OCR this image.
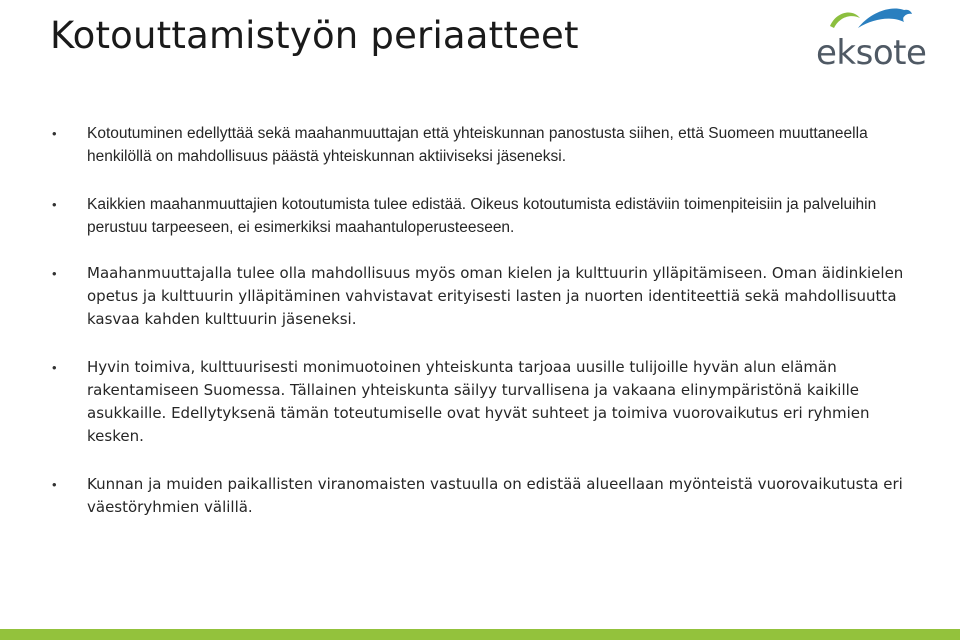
Kotouttamistyön periaatteet	eksote
• Kotoutuminen edellyttää sekä maahanmuuttajan että yhteiskunnan panostusta siihen, että Suomeen muuttaneella henkilöllä on mahdollisuus päästä yhteiskunnan aktiiviseksi jäseneksi.
• Kaikkien maahanmuuttajien kotoutumista tulee edistää. Oikeus kotoutumista edistäviin toimenpiteisiin ja palveluihin perustuu tarpeeseen, ei esimerkiksi maahantuloperusteeseen.
• Maahanmuuttajalla tulee olla mahdollisuus myös oman kielen ja kulttuurin ylläpitämiseen. Oman äidinkielen opetus ja kulttuurin ylläpitäminen vahvistavat erityisesti lasten ja nuorten identiteettiä sekä mahdollisuutta kasvaa kahden kulttuurin jäseneksi.
• Hyvin toimiva, kulttuurisesti monimuotoinen yhteiskunta tarjoaa uusille tulijoille hyvän alun elämän rakentamiseen Suomessa. Tällainen yhteiskunta säilyy turvallisena ja vakaana elinympäristönä kaikille asukkaille. Edellytyksenä tämän toteutumiselle ovat hyvät suhteet ja toimiva vuorovaikutus eri ryhmien kesken.
• Kunnan ja muiden paikallisten viranomaisten vastuulla on edistää alueellaan myönteistä vuorovaikutusta eri väestöryhmien välillä.
